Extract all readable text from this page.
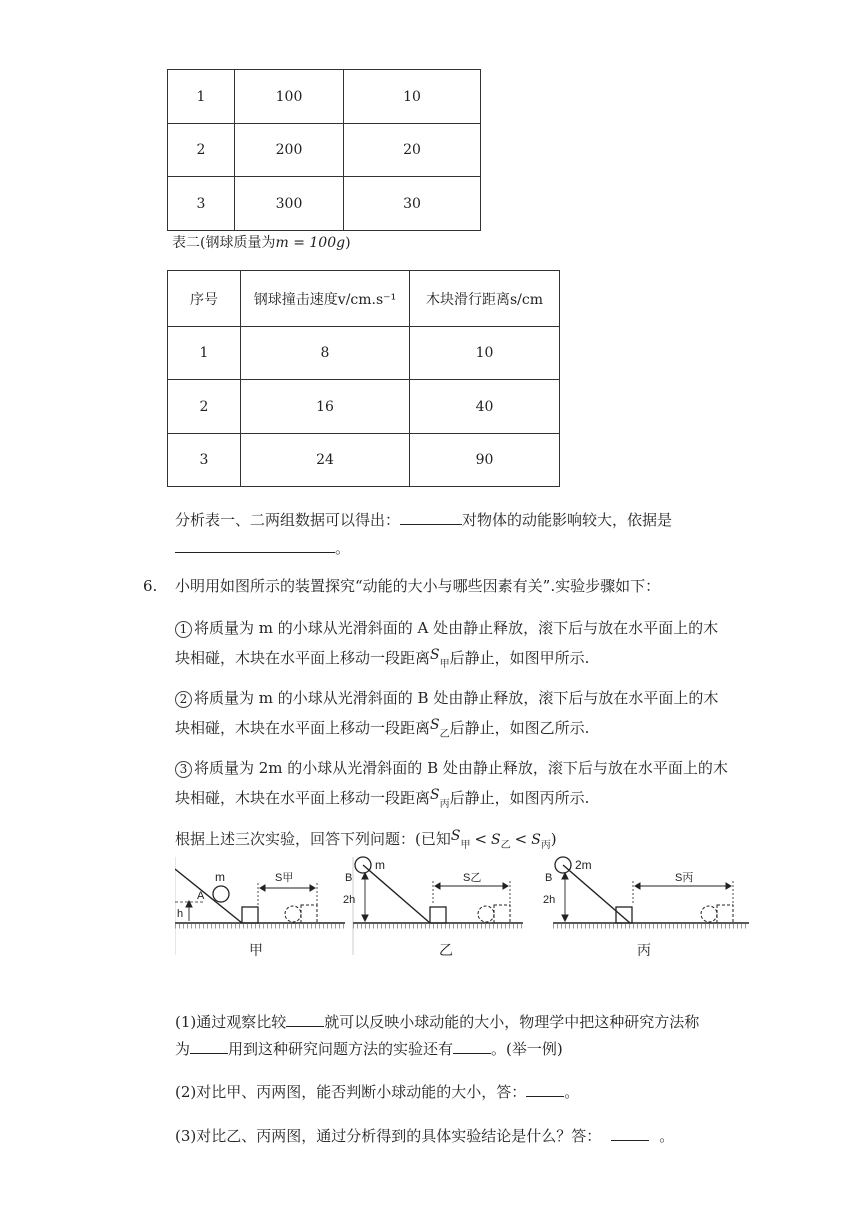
1	100	10
2	200	20
3	300	30
表二(钢球质量为m = 100g)
序号	钢球撞击速度v/cm.s⁻¹	木块滑行距离s/cm
1	8	10
2	16	40
3	24	90
分析表一、二两组数据可以得出：	对物体的动能影响较大，依据是
。
6. 小明用如图所示的装置探究“动能的大小与哪些因素有关”.实验步骤如下：
1 将质量为 m 的小球从光滑斜面的 A 处由静止释放，滚下后与放在水平面上的木
块相碰，木块在水平面上移动一段距离$S_甲$后静止，如图甲所示.
2 将质量为 m 的小球从光滑斜面的 B 处由静止释放，滚下后与放在水平面上的木
块相碰，木块在水平面上移动一段距离$S_乙$后静止，如图乙所示.
3 将质量为 2m 的小球从光滑斜面的 B 处由静止释放，滚下后与放在水平面上的木
块相碰，木块在水平面上移动一段距离$S_丙$后静止，如图丙所示.
根据上述三次实验，回答下列问题：(已知$S_甲 < S_乙 < S_丙$)
m
A
h
S甲
甲
m
B
2h
S乙
乙
2m
B
2h
S丙
丙
(1)通过观察比较	就可以反映小球动能的大小，物理学中把这种研究方法称
为	用到这种研究问题方法的实验还有	。(举一例)
(2)对比甲、丙两图，能否判断小球动能的大小，答：	。
(3)对比乙、丙两图，通过分析得到的具体实验结论是什么？答：	。
